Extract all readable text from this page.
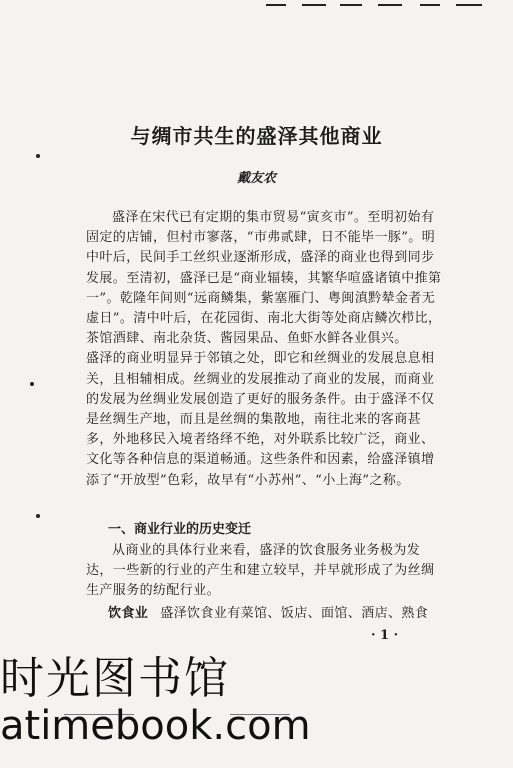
与绸市共生的盛泽其他商业
戴友农

盛泽在宋代已有定期的集市贸易“寅亥市”。至明初始有固定的店铺，但村市寥落，“市弗贰肆，日不能毕一豚”。明中叶后，民间手工丝织业逐渐形成，盛泽的商业也得到同步发展。至清初，盛泽已是“商业辐辏，其繁华喧盛诸镇中推第一”。乾隆年间则“远商鳞集，紫塞雁门、粤闽滇黔辇金者无虚日”。清中叶后，在花园街、南北大街等处商店鳞次栉比，茶馆酒肆、南北杂货、酱园果品、鱼虾水鲜各业俱兴。

盛泽的商业明显异于邻镇之处，即它和丝绸业的发展息息相关，且相辅相成。丝绸业的发展推动了商业的发展，而商业的发展为丝绸业发展创造了更好的服务条件。由于盛泽不仅是丝绸生产地，而且是丝绸的集散地，南往北来的客商甚多，外地移民入境者络绎不绝，对外联系比较广泛，商业、文化等各种信息的渠道畅通。这些条件和因素，给盛泽镇增添了“开放型”色彩，故早有“小苏州”、“小上海”之称。

一、商业行业的历史变迁

从商业的具体行业来看，盛泽的饮食服务业务极为发达，一些新的行业的产生和建立较早，并早就形成了为丝绸生产服务的纺配行业。

饮食业 盛泽饮食业有菜馆、饭店、面馆、酒店、熟食
· 1 ·
时光图书馆
atimebook.com
